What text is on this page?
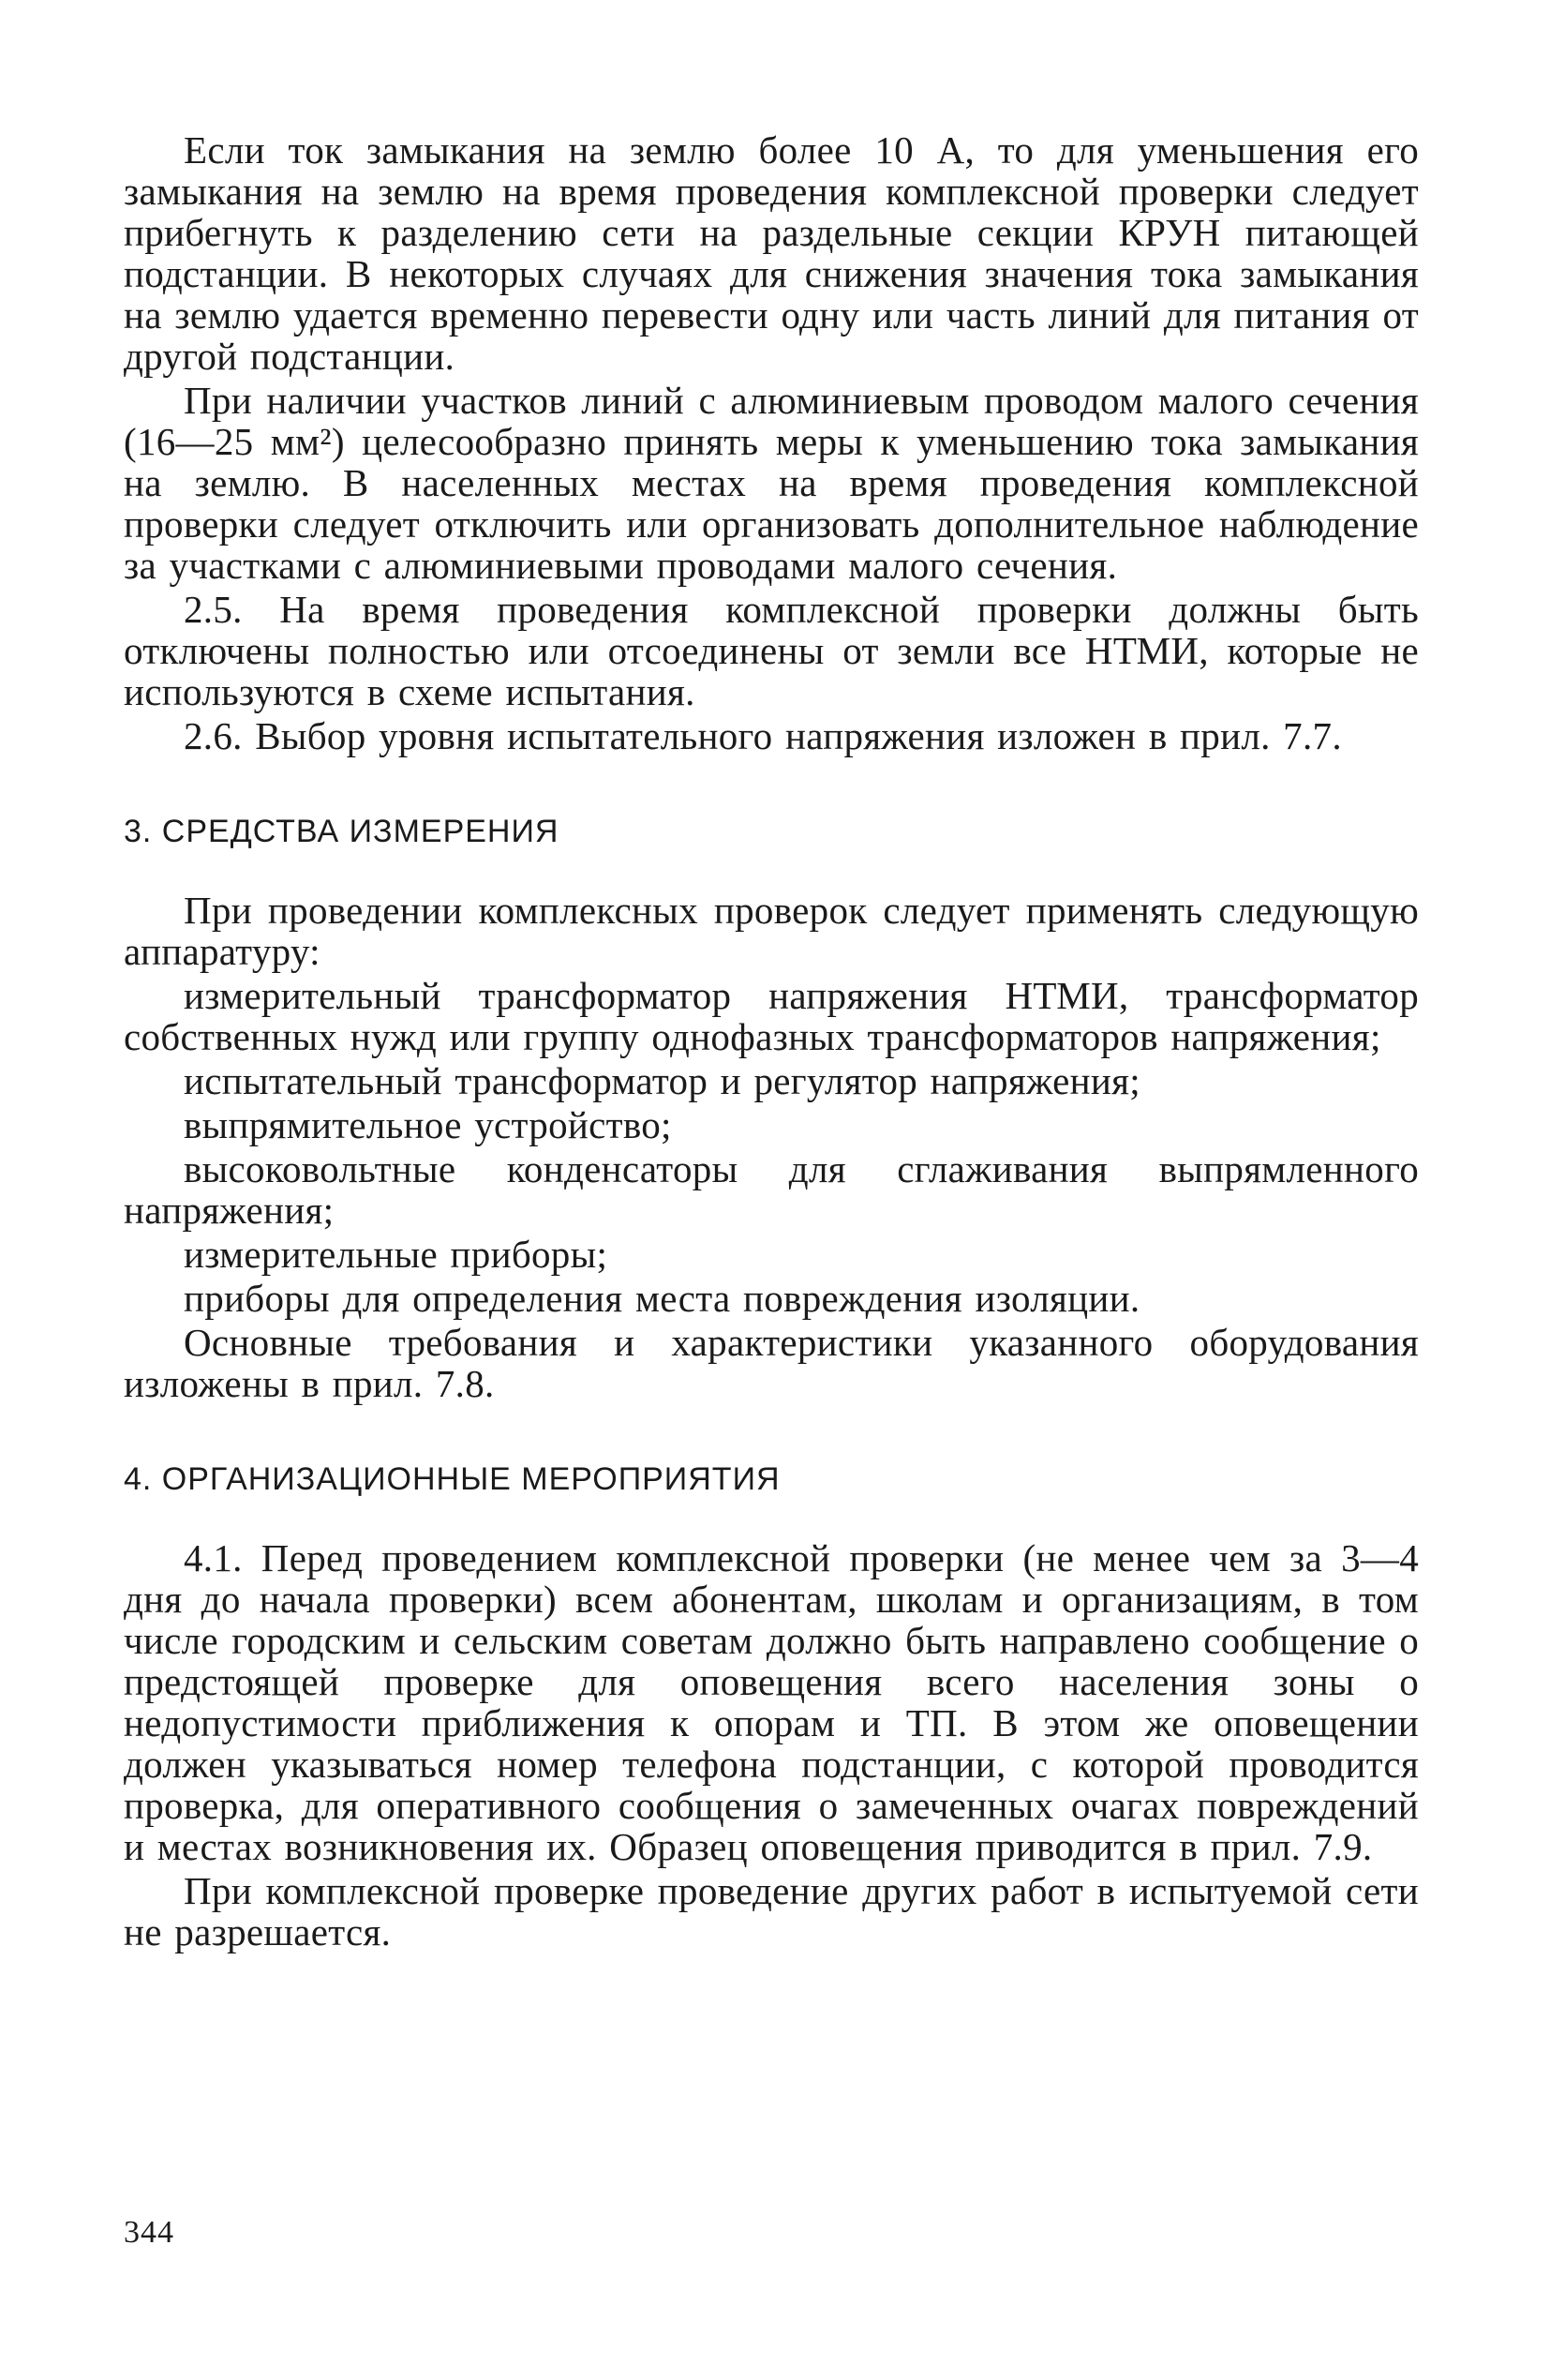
Если ток замыкания на землю более 10 А, то для уменьшения его замыкания на землю на время проведения комплексной проверки следует прибегнуть к разделению сети на раздельные секции КРУН питающей подстанции. В некоторых случаях для снижения значения тока замыкания на землю удается временно перевести одну или часть линий для питания от другой подстанции.

При наличии участков линий с алюминиевым проводом малого сечения (16—25 мм²) целесообразно принять меры к уменьшению тока замыкания на землю. В населенных местах на время проведения комплексной проверки следует отключить или организовать дополнительное наблюдение за участками с алюминиевыми проводами малого сечения.

2.5. На время проведения комплексной проверки должны быть отключены полностью или отсоединены от земли все НТМИ, которые не используются в схеме испытания.

2.6. Выбор уровня испытательного напряжения изложен в прил. 7.7.

3. СРЕДСТВА ИЗМЕРЕНИЯ

При проведении комплексных проверок следует применять следующую аппаратуру:

измерительный трансформатор напряжения НТМИ, трансформатор собственных нужд или группу однофазных трансформаторов напряжения;

испытательный трансформатор и регулятор напряжения;

выпрямительное устройство;

высоковольтные конденсаторы для сглаживания выпрямленного напряжения;

измерительные приборы;

приборы для определения места повреждения изоляции.

Основные требования и характеристики указанного оборудования изложены в прил. 7.8.

4. ОРГАНИЗАЦИОННЫЕ МЕРОПРИЯТИЯ

4.1. Перед проведением комплексной проверки (не менее чем за 3—4 дня до начала проверки) всем абонентам, школам и организациям, в том числе городским и сельским советам должно быть направлено сообщение о предстоящей проверке для оповещения всего населения зоны о недопустимости приближения к опорам и ТП. В этом же оповещении должен указываться номер телефона подстанции, с которой проводится проверка, для оперативного сообщения о замеченных очагах повреждений и местах возникновения их. Образец оповещения приводится в прил. 7.9.

При комплексной проверке проведение других работ в испытуемой сети не разрешается.

344
